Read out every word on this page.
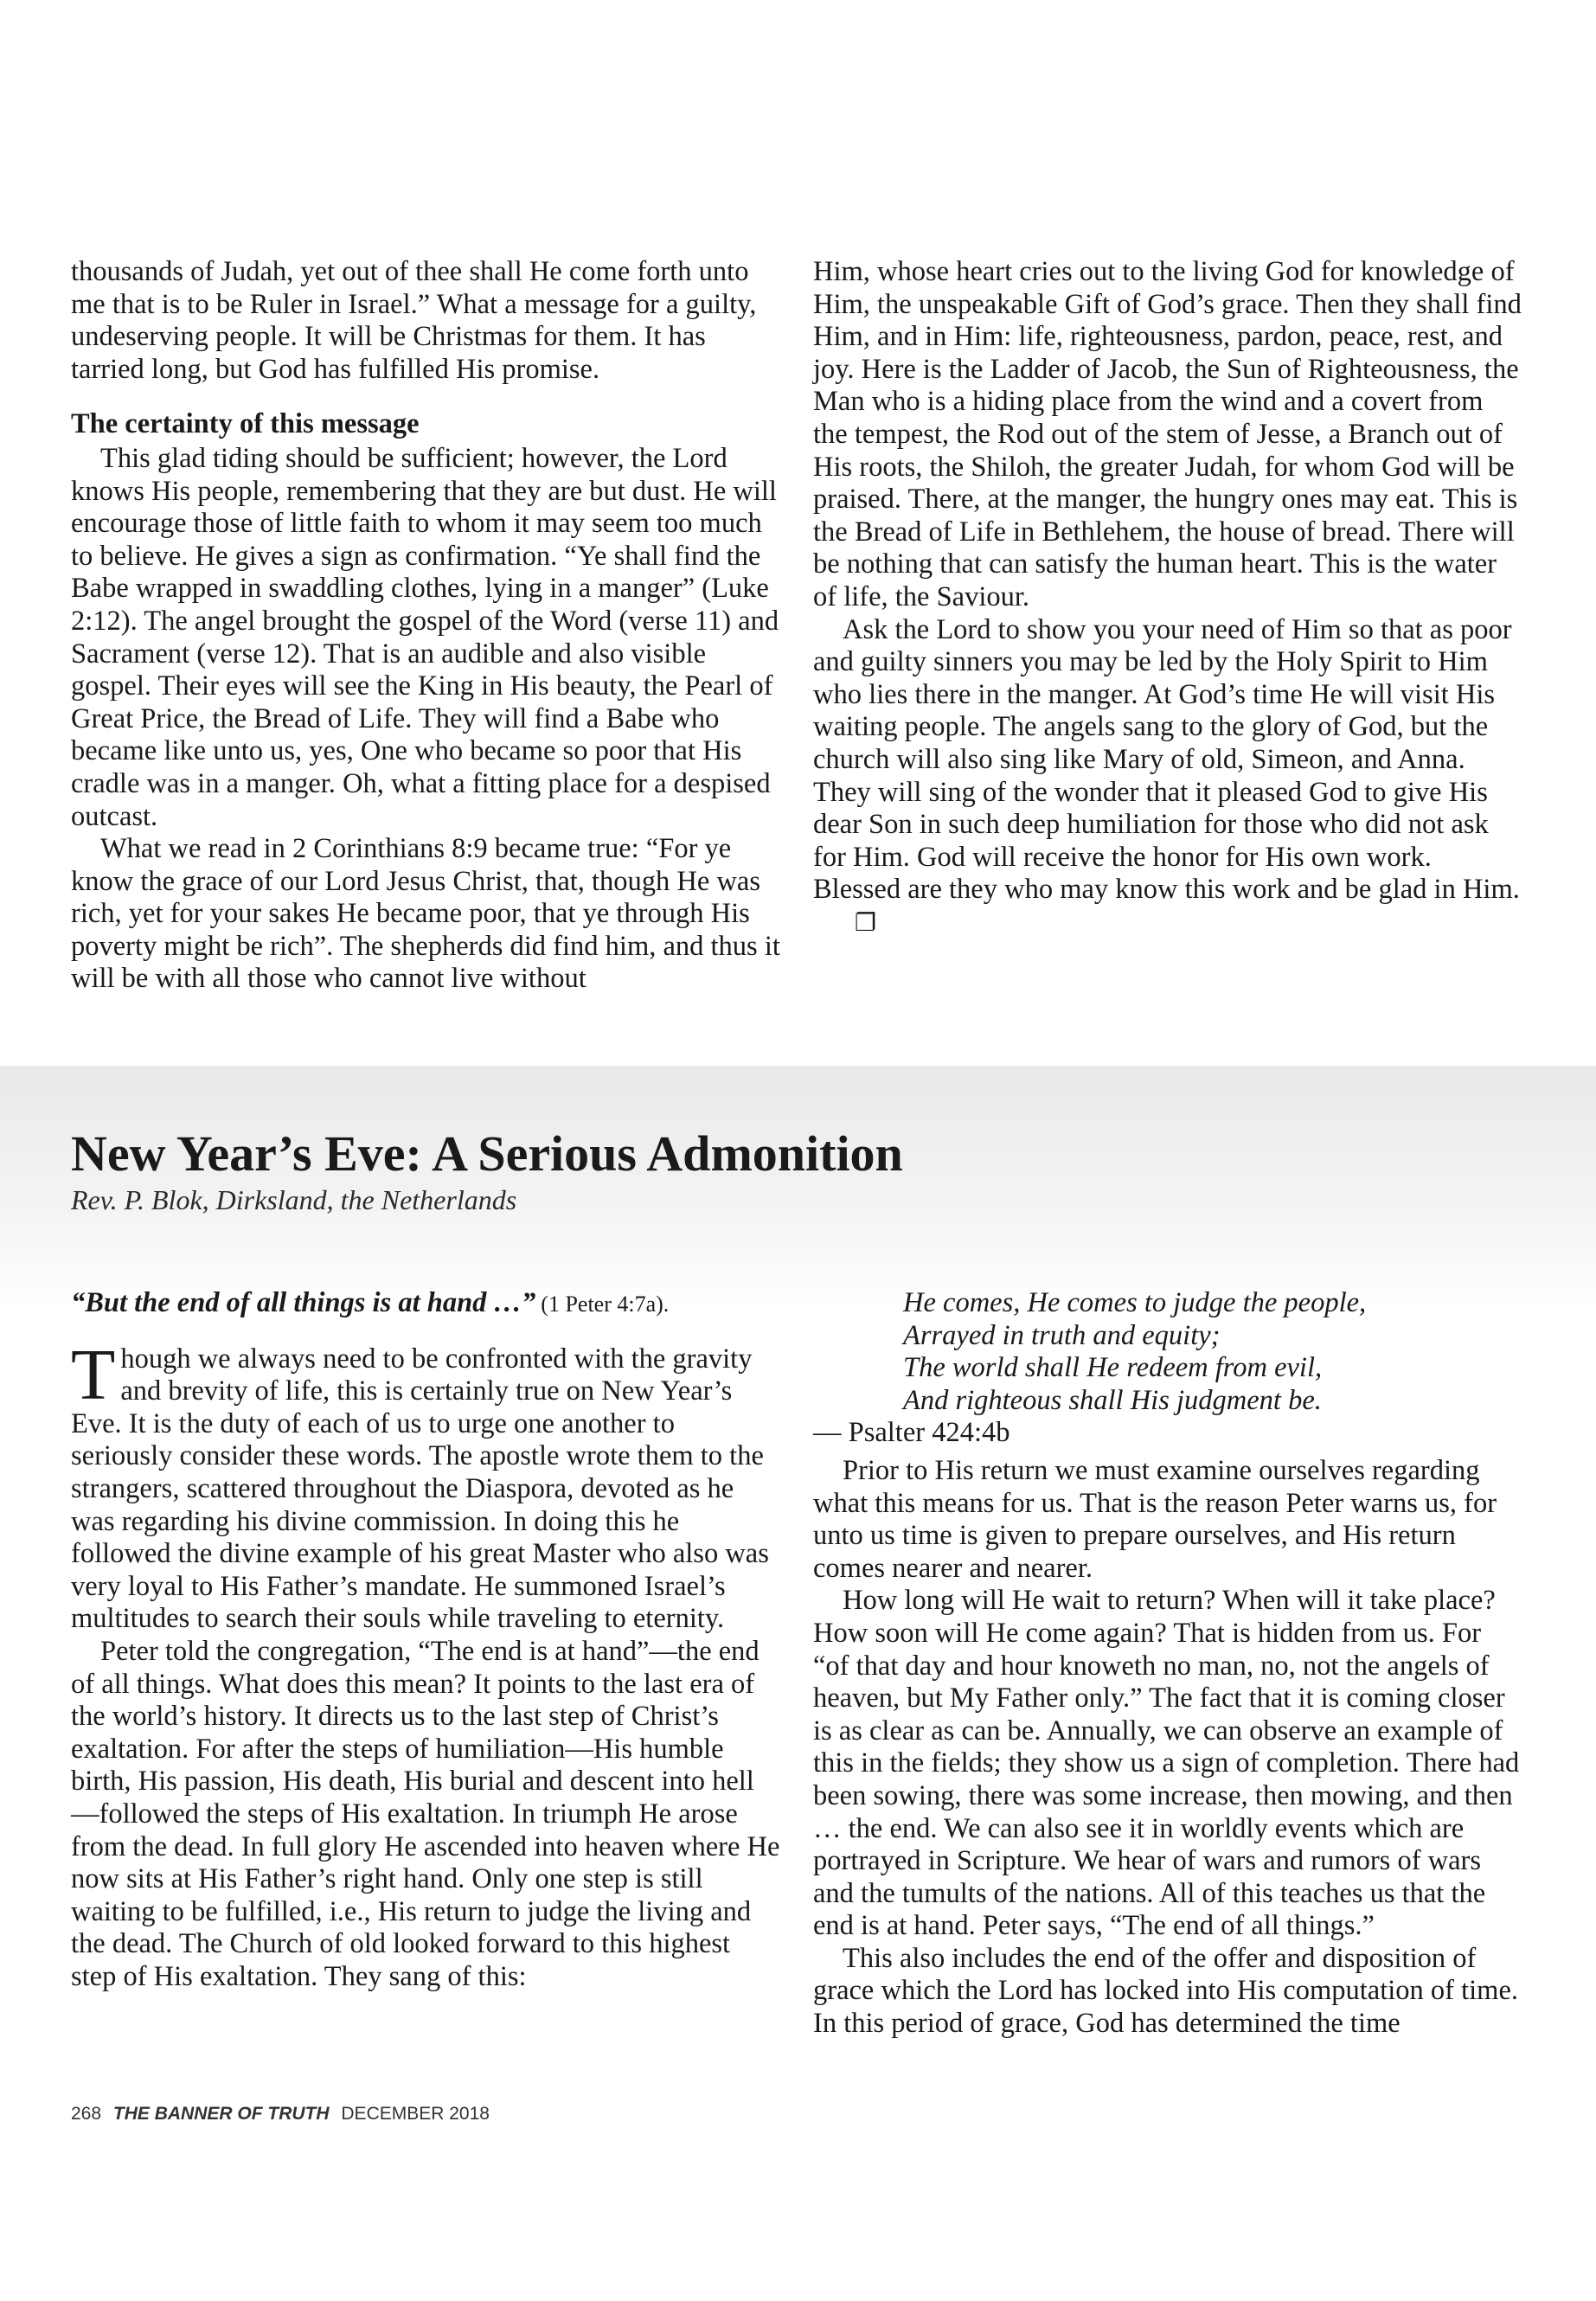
thousands of Judah, yet out of thee shall He come forth unto me that is to be Ruler in Israel.” What a message for a guilty, undeserving people. It will be Christmas for them. It has tarried long, but God has fulfilled His promise.

The certainty of this message

This glad tiding should be sufficient; however, the Lord knows His people, remembering that they are but dust. He will encourage those of little faith to whom it may seem too much to believe. He gives a sign as confirmation. “Ye shall find the Babe wrapped in swaddling clothes, lying in a manger” (Luke 2:12). The angel brought the gospel of the Word (verse 11) and Sacrament (verse 12). That is an audible and also visible gospel. Their eyes will see the King in His beauty, the Pearl of Great Price, the Bread of Life. They will find a Babe who became like unto us, yes, One who became so poor that His cradle was in a manger. Oh, what a fitting place for a despised outcast.

What we read in 2 Corinthians 8:9 became true: “For ye know the grace of our Lord Jesus Christ, that, though He was rich, yet for your sakes He became poor, that ye through His poverty might be rich”. The shepherds did find him, and thus it will be with all those who cannot live without

Him, whose heart cries out to the living God for knowledge of Him, the unspeakable Gift of God’s grace. Then they shall find Him, and in Him: life, righteousness, pardon, peace, rest, and joy. Here is the Ladder of Jacob, the Sun of Righteousness, the Man who is a hiding place from the wind and a covert from the tempest, the Rod out of the stem of Jesse, a Branch out of His roots, the Shiloh, the greater Judah, for whom God will be praised. There, at the manger, the hungry ones may eat. This is the Bread of Life in Bethlehem, the house of bread. There will be nothing that can satisfy the human heart. This is the water of life, the Saviour.

Ask the Lord to show you your need of Him so that as poor and guilty sinners you may be led by the Holy Spirit to Him who lies there in the manger. At God’s time He will visit His waiting people. The angels sang to the glory of God, but the church will also sing like Mary of old, Simeon, and Anna. They will sing of the wonder that it pleased God to give His dear Son in such deep humiliation for those who did not ask for Him. God will receive the honor for His own work. Blessed are they who may know this work and be glad in Him.❐

New Year’s Eve: A Serious Admonition

Rev. P. Blok, Dirksland, the Netherlands

“But the end of all things is at hand …” (1 Peter 4:7a).

Though we always need to be confronted with the gravity and brevity of life, this is certainly true on New Year’s Eve. It is the duty of each of us to urge one another to seriously consider these words. The apostle wrote them to the strangers, scattered throughout the Diaspora, devoted as he was regarding his divine commission. In doing this he followed the divine example of his great Master who also was very loyal to His Father’s mandate. He summoned Israel’s multitudes to search their souls while traveling to eternity.

Peter told the congregation, “The end is at hand”—the end of all things. What does this mean? It points to the last era of the world’s history. It directs us to the last step of Christ’s exaltation. For after the steps of humiliation—His humble birth, His passion, His death, His burial and descent into hell—followed the steps of His exaltation. In triumph He arose from the dead. In full glory He ascended into heaven where He now sits at His Father’s right hand. Only one step is still waiting to be fulfilled, i.e., His return to judge the living and the dead. The Church of old looked forward to this highest step of His exaltation. They sang of this:

He comes, He comes to judge the people,
Arrayed in truth and equity;
The world shall He redeem from evil,
And righteous shall His judgment be.

— Psalter 424:4b

Prior to His return we must examine ourselves regarding what this means for us. That is the reason Peter warns us, for unto us time is given to prepare ourselves, and His return comes nearer and nearer.

How long will He wait to return? When will it take place? How soon will He come again? That is hidden from us. For “of that day and hour knoweth no man, no, not the angels of heaven, but My Father only.” The fact that it is coming closer is as clear as can be. Annually, we can observe an example of this in the fields; they show us a sign of completion. There had been sowing, there was some increase, then mowing, and then … the end. We can also see it in worldly events which are portrayed in Scripture. We hear of wars and rumors of wars and the tumults of the nations. All of this teaches us that the end is at hand. Peter says, “The end of all things.”

This also includes the end of the offer and disposition of grace which the Lord has locked into His computation of time. In this period of grace, God has determined the time

268 THE BANNER OF TRUTH DECEMBER 2018
